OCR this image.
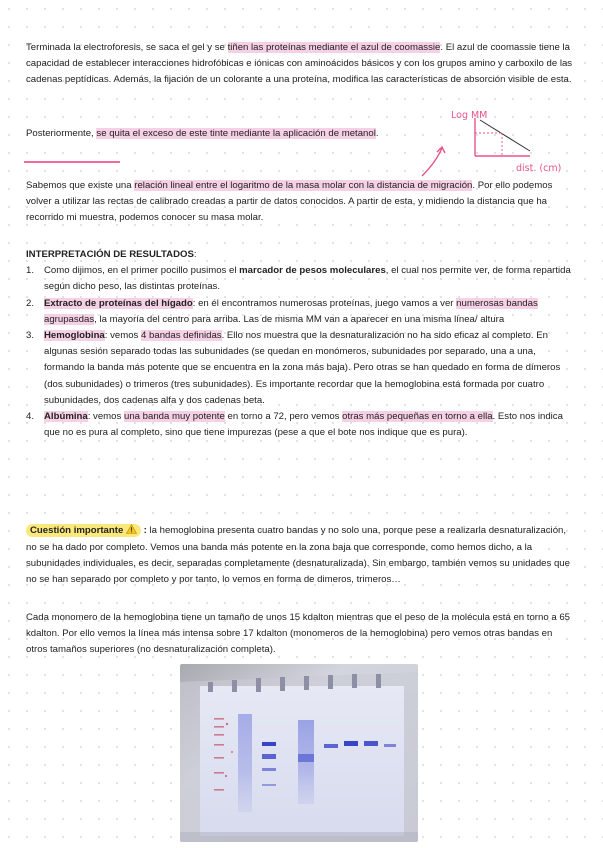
Terminada la electroforesis, se saca el gel y se tiñen las proteínas mediante el azul de coomassie. El azul de coomassie tiene la capacidad de establecer interacciones hidrofóbicas e iónicas con aminoácidos básicos y con los grupos amino y carboxilo de las cadenas peptídicas. Además, la fijación de un colorante a una proteína, modifica las características de absorción visible de esta.

Posteriormente, se quita el exceso de este tinte mediante la aplicación de metanol.

Log MM
dist. (cm)

Sabemos que existe una relación lineal entre el logaritmo de la masa molar con la distancia de migración. Por ello podemos volver a utilizar las rectas de calibrado creadas a partir de datos conocidos. A partir de esta, y midiendo la distancia que ha recorrido mi muestra, podemos conocer su masa molar.

INTERPRETACIÓN DE RESULTADOS:
1. Como dijimos, en el primer pocillo pusimos el marcador de pesos moleculares, el cual nos permite ver, de forma repartida según dicho peso, las distintas proteínas.
2. Extracto de proteínas del hígado: en él encontramos numerosas proteínas, juego vamos a ver numerosas bandas agrupasdas, la mayoría del centro para arriba. Las de misma MM van a aparecer en una misma línea/ altura
3. Hemoglobina: vemos 4 bandas definidas. Ello nos muestra que la desnaturalización no ha sido eficaz al completo. En algunas sesión separado todas las subunidades (se quedan en monómeros, subunidades por separado, una a una, formando la banda más potente que se encuentra en la zona más baja). Pero otras se han quedado en forma de dímeros (dos subunidades) o trimeros (tres subunidades). Es importante recordar que la hemoglobina está formada por cuatro subunidades, dos cadenas alfa y dos cadenas beta.
4. Albúmina: vemos una banda muy potente en torno a 72, pero vemos otras más pequeñas en torno a ella. Esto nos indica que no es pura al completo, sino que tiene impurezas (pese a que el bote nos indique que es pura).

Cuestión importante  : la hemoglobina presenta cuatro bandas y no solo una, porque pese a realizarla desnaturalización, no se ha dado por completo. Vemos una banda más potente en la zona baja que corresponde, como hemos dicho, a la subunidades individuales, es decir, separadas completamente (desnaturalizada). Sin embargo, también vemos su unidades que no se han separado por completo y por tanto, lo vemos en forma de dimeros, trimeros…

Cada monomero de la hemoglobina tiene un tamaño de unos 15 kdalton mientras que el peso de la molécula está en torno a 65 kdalton. Por ello vemos la línea más intensa sobre 17 kdalton (monomeros de la hemoglobina) pero vemos otras bandas en otros tamaños superiores (no desnaturalización completa).
